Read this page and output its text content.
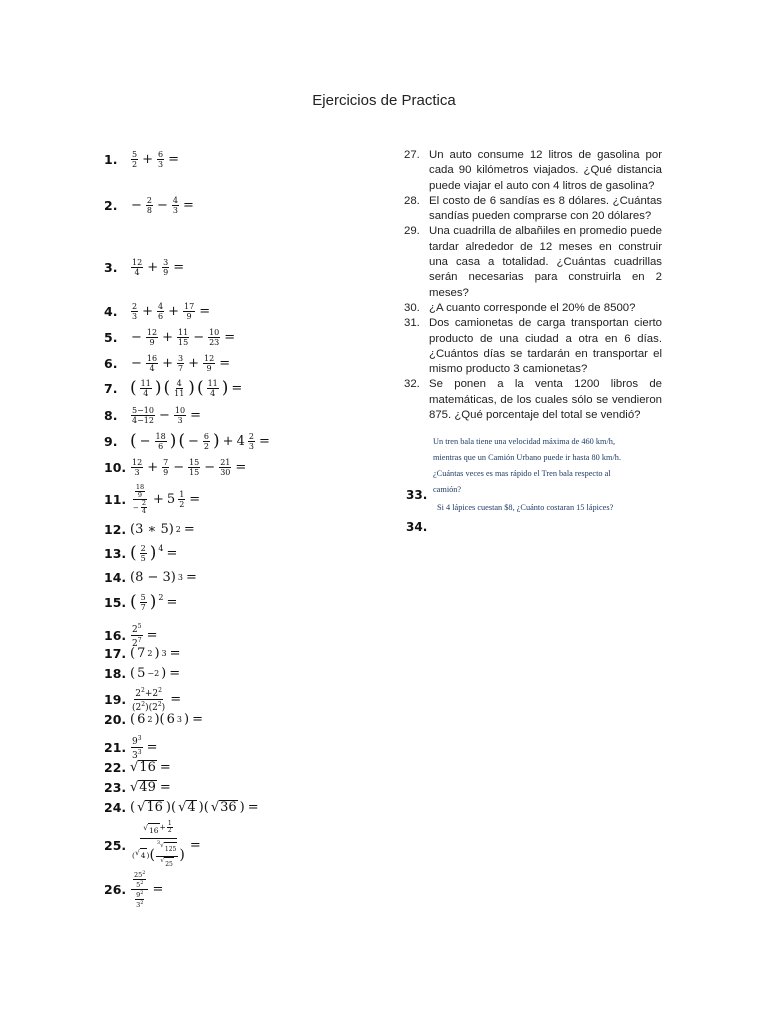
Ejercicios de Practica
1.	$\frac{5}{2} + \frac{6}{3}$ =
2.	− $\frac{2}{8} - \frac{4}{3}$ =
3.	$\frac{12}{4} + \frac{3}{9}$ =
4.	$\frac{2}{3} + \frac{4}{6} + \frac{17}{9}$ =
5.	− $\frac{12}{9} + \frac{11}{15} - \frac{10}{23}$ =
6.	− $\frac{16}{4} + \frac{3}{7} + \frac{12}{9}$ =
7. ( $\frac{11}{4}$ ) ( $\frac{4}{11}$ ) ( $\frac{11}{4}$ ) =
8.	$\frac{5-10}{4-12} - \frac{10}{3}$ =
9. ( − $\frac{18}{6}$ ) ( − $\frac{6}{2}$ ) + $4 \frac{2}{3}$ =
10. $\frac{12}{3} + \frac{7}{9} - \frac{15}{15} - \frac{21}{30}$ =
11. $\frac{\frac{18}{9}}{- \frac{2}{4}} + 5 \frac{1}{2}$ =
12. (3 ∗ 5) 2 =
13. ( $\frac{2}{5}$ ) $^4$ =
14. (8 − 3) 3 =
15. ( $\frac{5}{7}$ ) $^2$ =
16. $\frac{2^5}{2^7}$ =
17. ( 7 2 ) 3 =
18. ( 5 −2 ) =
19. $\frac{2^2+2^2}{(2^2)(2^2)}$ =
20. ( 6 2 )( 6 3 ) =
21. $\frac{9^3}{3^3}$ =
22. √ 16 =
23. √ 49 =
24. ( √ 16 )( √ 4 )( √ 36 ) =
25. √ $16 + \frac{1}{2}$
( √ 4 ) ( $^3$ √
125
√
25 ) =
26. $\frac{\frac{25^2}{5^2}}{\frac{9^2}{3^2}}$ =
27. Un auto consume 12 litros de gasolina por cada 90 kilómetros viajados. ¿Qué distancia puede viajar el auto con 4 litros de gasolina?
28. El costo de 6 sandías es 8 dólares. ¿Cuántas sandías pueden comprarse con 20 dólares?
29. Una cuadrilla de albañiles en promedio puede tardar alrededor de 12 meses en construir una casa a totalidad. ¿Cuántas cuadrillas serán necesarias para construirla en 2 meses?
30. ¿A cuanto corresponde el 20% de 8500?
31. Dos camionetas de carga transportan cierto producto de una ciudad a otra en 6 días. ¿Cuántos días se tardarán en transportar el mismo producto 3 camionetas?
32. Se ponen a la venta 1200 libros de matemáticas, de los cuales sólo se vendieron 875. ¿Qué porcentaje del total se vendió?
Un tren bala tiene una velocidad máxima de 460 km/h,
mientras que un Camión Urbano puede ir hasta 80 km/h.
¿Cuántas veces es mas rápido el Tren bala respecto al
camión?
33.
Si 4 lápices cuestan $8, ¿Cuánto costaran 15 lápices?
34.
